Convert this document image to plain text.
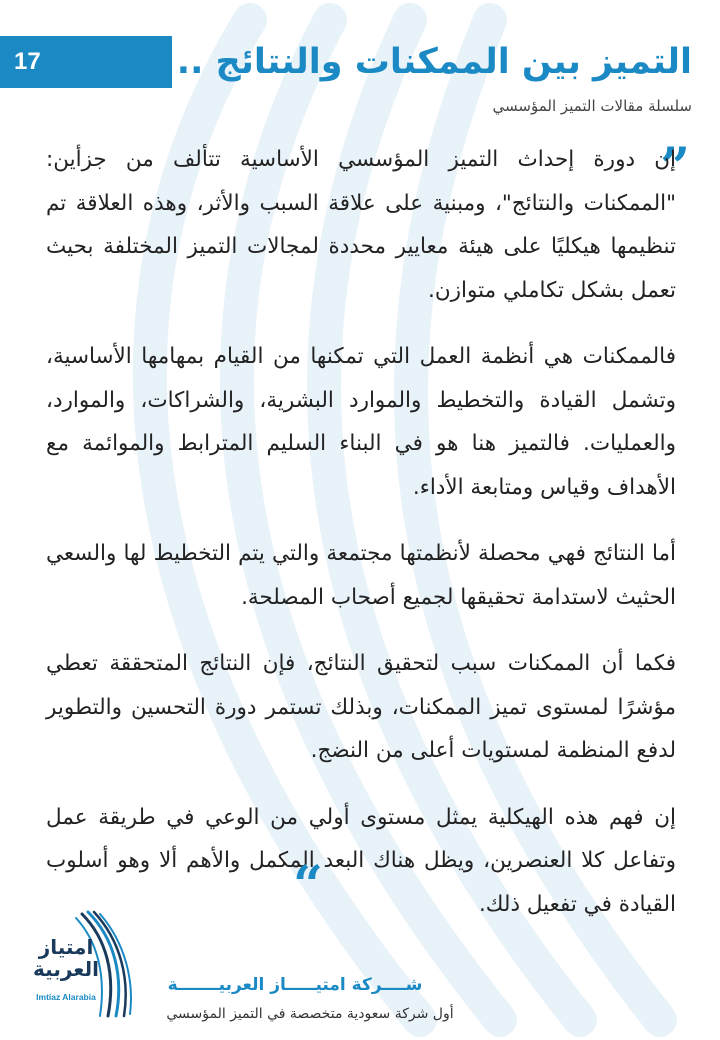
17	التميز بين الممكنات والنتائج ..
سلسلة مقالات التميز المؤسسي
”

إن دورة إحداث التميز المؤسسي الأساسية تتألف من جزأين: "الممكنات والنتائج"، ومبنية على علاقة السبب والأثر، وهذه العلاقة تم تنظيمها هيكليًا على هيئة معايير محددة لمجالات التميز المختلفة بحيث تعمل بشكل تكاملي متوازن.

فالممكنات هي أنظمة العمل التي تمكنها من القيام بمهامها الأساسية، وتشمل القيادة والتخطيط والموارد البشرية، والشراكات، والموارد، والعمليات. فالتميز هنا هو في البناء السليم المترابط والموائمة مع الأهداف وقياس ومتابعة الأداء.

أما النتائج فهي محصلة لأنظمتها مجتمعة والتي يتم التخطيط لها والسعي الحثيث لاستدامة تحقيقها لجميع أصحاب المصلحة.

فكما أن الممكنات سبب لتحقيق النتائج، فإن النتائج المتحققة تعطي مؤشرًا لمستوى تميز الممكنات، وبذلك تستمر دورة التحسين والتطوير لدفع المنظمة لمستويات أعلى من النضج.

إن فهم هذه الهيكلية يمثل مستوى أولي من الوعي في طريقة عمل وتفاعل كلا العنصرين، ويظل هناك البعد المكمل والأهم ألا وهو أسلوب القيادة في تفعيل ذلك.

“
امتياز العربية
Imtiaz Alarabia
شــــركة امتيـــــاز العربيـــــــة
أول شركة سعودية متخصصة في التميز المؤسسي
